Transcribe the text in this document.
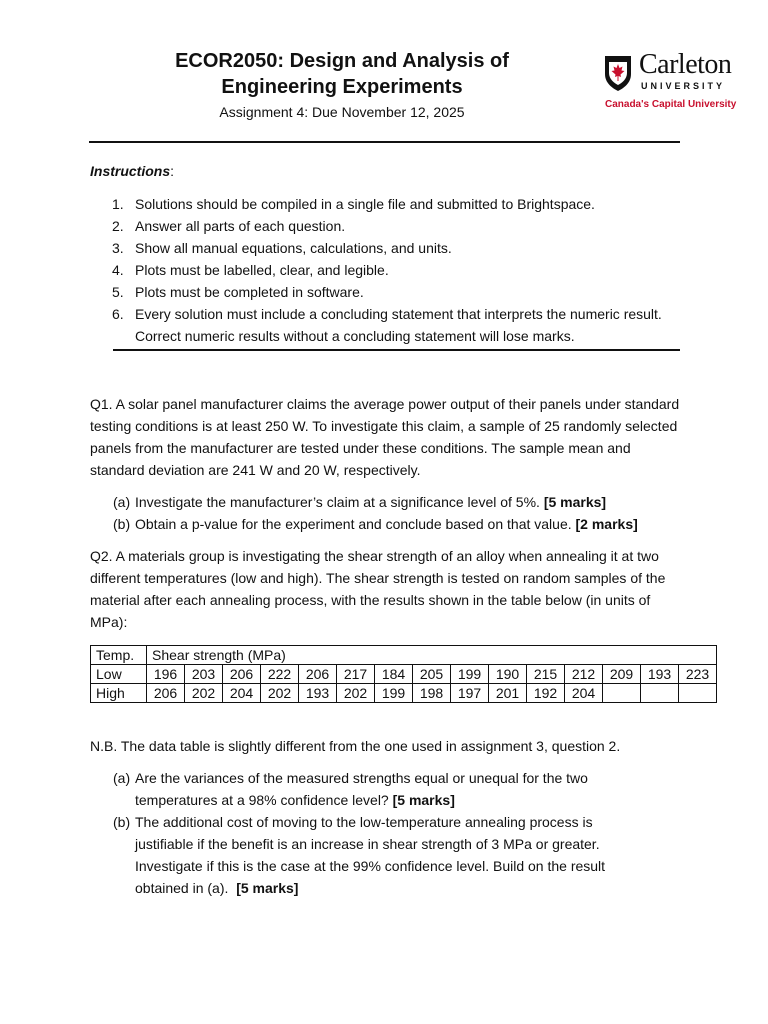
ECOR2050: Design and Analysis of
Engineering Experiments
Assignment 4: Due November 12, 2025
Carleton
UNIVERSITY
Canada's Capital University
Instructions:
1. Solutions should be compiled in a single file and submitted to Brightspace.
2. Answer all parts of each question.
3. Show all manual equations, calculations, and units.
4. Plots must be labelled, clear, and legible.
5. Plots must be completed in software.
6. Every solution must include a concluding statement that interprets the numeric result. Correct numeric results without a concluding statement will lose marks.
Q1. A solar panel manufacturer claims the average power output of their panels under standard testing conditions is at least 250 W. To investigate this claim, a sample of 25 randomly selected panels from the manufacturer are tested under these conditions. The sample mean and standard deviation are 241 W and 20 W, respectively.
(a) Investigate the manufacturer’s claim at a significance level of 5%. [5 marks]
(b) Obtain a p-value for the experiment and conclude based on that value. [2 marks]
Q2. A materials group is investigating the shear strength of an alloy when annealing it at two different temperatures (low and high). The shear strength is tested on random samples of the material after each annealing process, with the results shown in the table below (in units of MPa):
Temp.	Shear strength (MPa)														
Low	196	203	206	222	206	217	184	205	199	190	215	212	209	193	223
High	206	202	204	202	193	202	199	198	197	201	192	204			
N.B. The data table is slightly different from the one used in assignment 3, question 2.
(a) Are the variances of the measured strengths equal or unequal for the two temperatures at a 98% confidence level? [5 marks]
(b) The additional cost of moving to the low-temperature annealing process is justifiable if the benefit is an increase in shear strength of 3 MPa or greater. Investigate if this is the case at the 99% confidence level. Build on the result obtained in (a). [5 marks]
